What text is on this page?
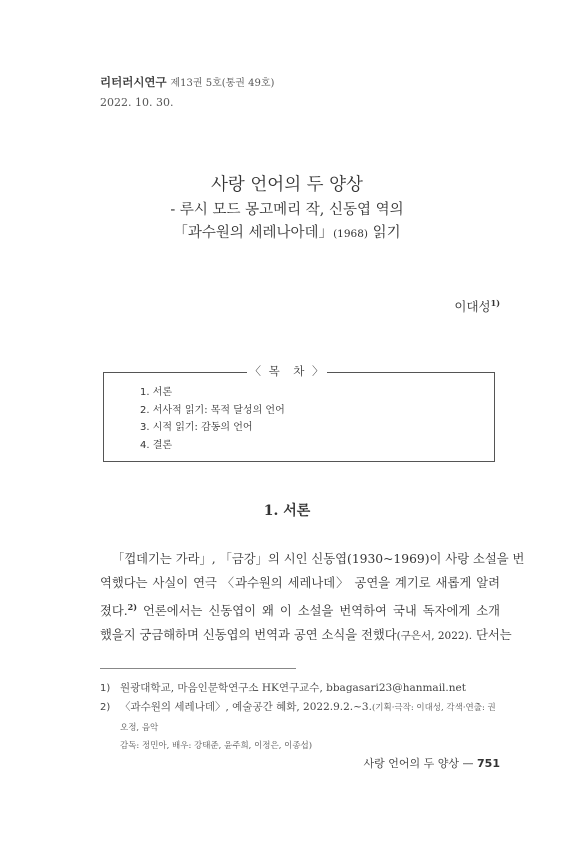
리터러시연구 제13권 5호(통권 49호)
2022. 10. 30.
사랑 언어의 두 양상
- 루시 모드 몽고메리 작, 신동엽 역의
「과수원의 세레나아데」(1968) 읽기
이대성$^{1)}$
〈 목　차 〉
1. 서론
2. 서사적 읽기: 목적 달성의 언어
3. 시적 읽기: 감동의 언어
4. 결론
1. 서론
「껍데기는 가라」, 「금강」의 시인 신동엽(1930~1969)이 사랑 소설을 번
역했다는 사실이 연극 〈과수원의 세레나데〉 공연을 계기로 새롭게 알려
졌다.$^{2)}$ 언론에서는 신동엽이 왜 이 소설을 번역하여 국내 독자에게 소개
했을지 궁금해하며 신동엽의 번역과 공연 소식을 전했다(구은서, 2022). 단서는
1) 원광대학교, 마음인문학연구소 HK연구교수, bbagasari23@hanmail.net
2) 〈과수원의 세레나데〉, 예술공간 혜화, 2022.9.2.~3.(기획·극작: 이대성, 각색·연출: 권오정, 음악
감독: 정민아, 배우: 강태준, 윤주희, 이정은, 이종섭)
사랑 언어의 두 양상 — 751
